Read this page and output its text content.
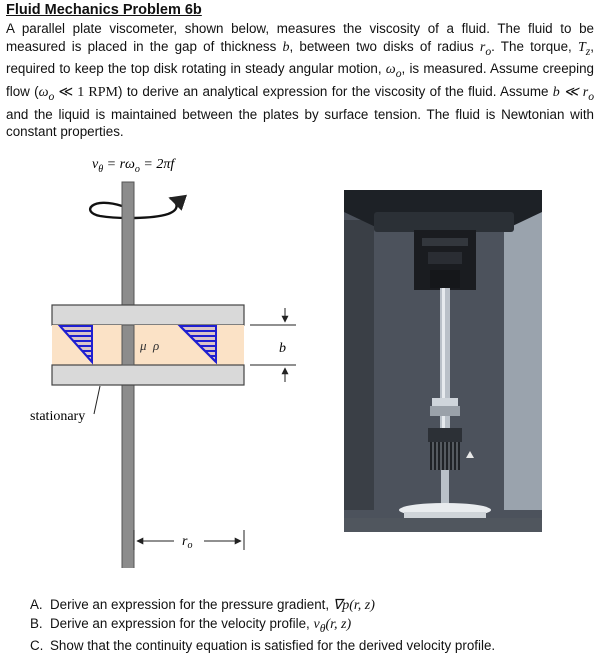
Fluid Mechanics Problem 6b
A parallel plate viscometer, shown below, measures the viscosity of a fluid. The fluid to be measured is placed in the gap of thickness b, between two disks of radius $r_o$. The torque, $T_z$, required to keep the top disk rotating in steady angular motion, $\omega_o$, is measured. Assume creeping flow ($\omega_o$ ≪ 1 RPM) to derive an analytical expression for the viscosity of the fluid. Assume b ≪ $r_o$ and the liquid is maintained between the plates by surface tension. The fluid is Newtonian with constant properties.
$v_\theta = r\omega_o = 2\pi f$
μ  ρ	b
stationary
$r_o$
A. Derive an expression for the pressure gradient, ∇p(r, z)
B. Derive an expression for the velocity profile, $v_\theta(r$, z)
C. Show that the continuity equation is satisfied for the derived velocity profile.
